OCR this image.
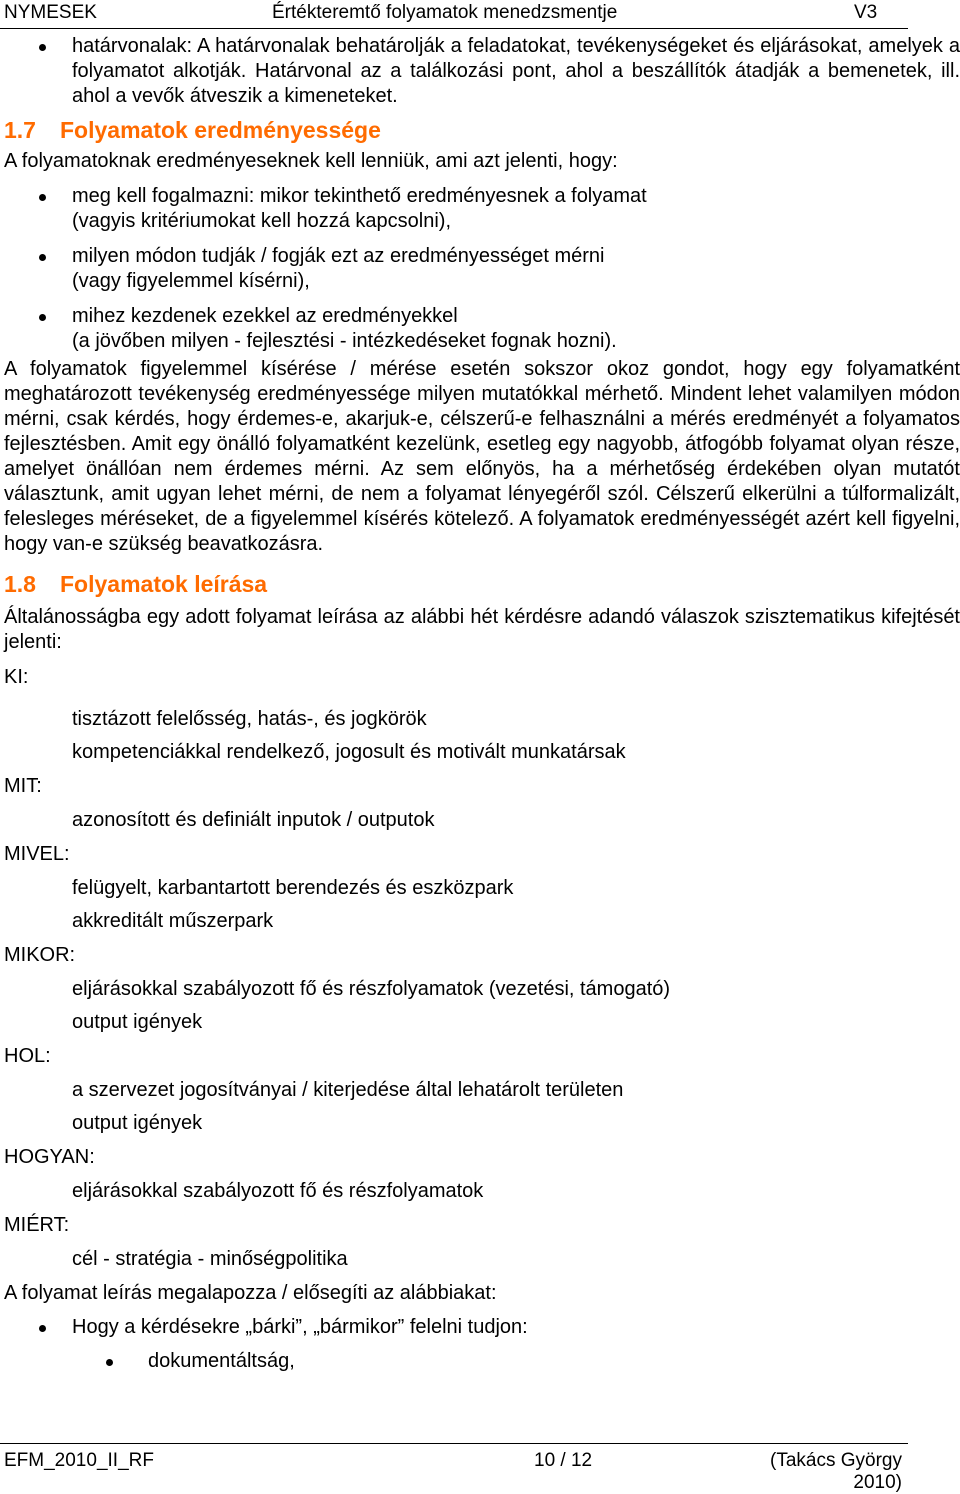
NYMESEK	Értékteremtő folyamatok menedzsmentje	V3

határvonalak: A határvonalak behatárolják a feladatokat, tevékenységeket és eljárásokat, amelyek a folyamatot alkotják. Határvonal az a találkozási pont, ahol a beszállítók átadják a bemenetek, ill. ahol a vevők átveszik a kimeneteket.

1.7 Folyamatok eredményessége

A folyamatoknak eredményeseknek kell lenniük, ami azt jelenti, hogy:

meg kell fogalmazni: mikor tekinthető eredményesnek a folyamat
(vagyis kritériumokat kell hozzá kapcsolni),
milyen módon tudják / fogják ezt az eredményességet mérni
(vagy figyelemmel kísérni),
mihez kezdenek ezekkel az eredményekkel
(a jövőben milyen - fejlesztési - intézkedéseket fognak hozni).

A folyamatok figyelemmel kísérése / mérése esetén sokszor okoz gondot, hogy egy folyamatként meghatározott tevékenység eredményessége milyen mutatókkal mérhető. Mindent lehet valamilyen módon mérni, csak kérdés, hogy érdemes-e, akarjuk-e, célszerű-e felhasználni a mérés eredményét a folyamatos fejlesztésben. Amit egy önálló folyamatként kezelünk, esetleg egy nagyobb, átfogóbb folyamat olyan része, amelyet önállóan nem érdemes mérni. Az sem előnyös, ha a mérhetőség érdekében olyan mutatót választunk, amit ugyan lehet mérni, de nem a folyamat lényegéről szól. Célszerű elkerülni a túlformalizált, felesleges méréseket, de a figyelemmel kísérés kötelező. A folyamatok eredményességét azért kell figyelni, hogy van-e szükség beavatkozásra.

1.8 Folyamatok leírása

Általánosságba egy adott folyamat leírása az alábbi hét kérdésre adandó válaszok szisztematikus kifejtését jelenti:

KI:

tisztázott felelősség, hatás-, és jogkörök

kompetenciákkal rendelkező, jogosult és motivált munkatársak

MIT:

azonosított és definiált inputok / outputok

MIVEL:

felügyelt, karbantartott berendezés és eszközpark

akkreditált műszerpark

MIKOR:

eljárásokkal szabályozott fő és részfolyamatok (vezetési, támogató)

output igények

HOL:

a szervezet jogosítványai / kiterjedése által lehatárolt területen

output igények

HOGYAN:

eljárásokkal szabályozott fő és részfolyamatok

MIÉRT:

cél - stratégia - minőségpolitika

A folyamat leírás megalapozza / elősegíti az alábbiakat:

Hogy a kérdésekre „bárki”, „bármikor” felelni tudjon:
dokumentáltság,
EFM_2010_II_RF	10 / 12	(Takács György
2010)
